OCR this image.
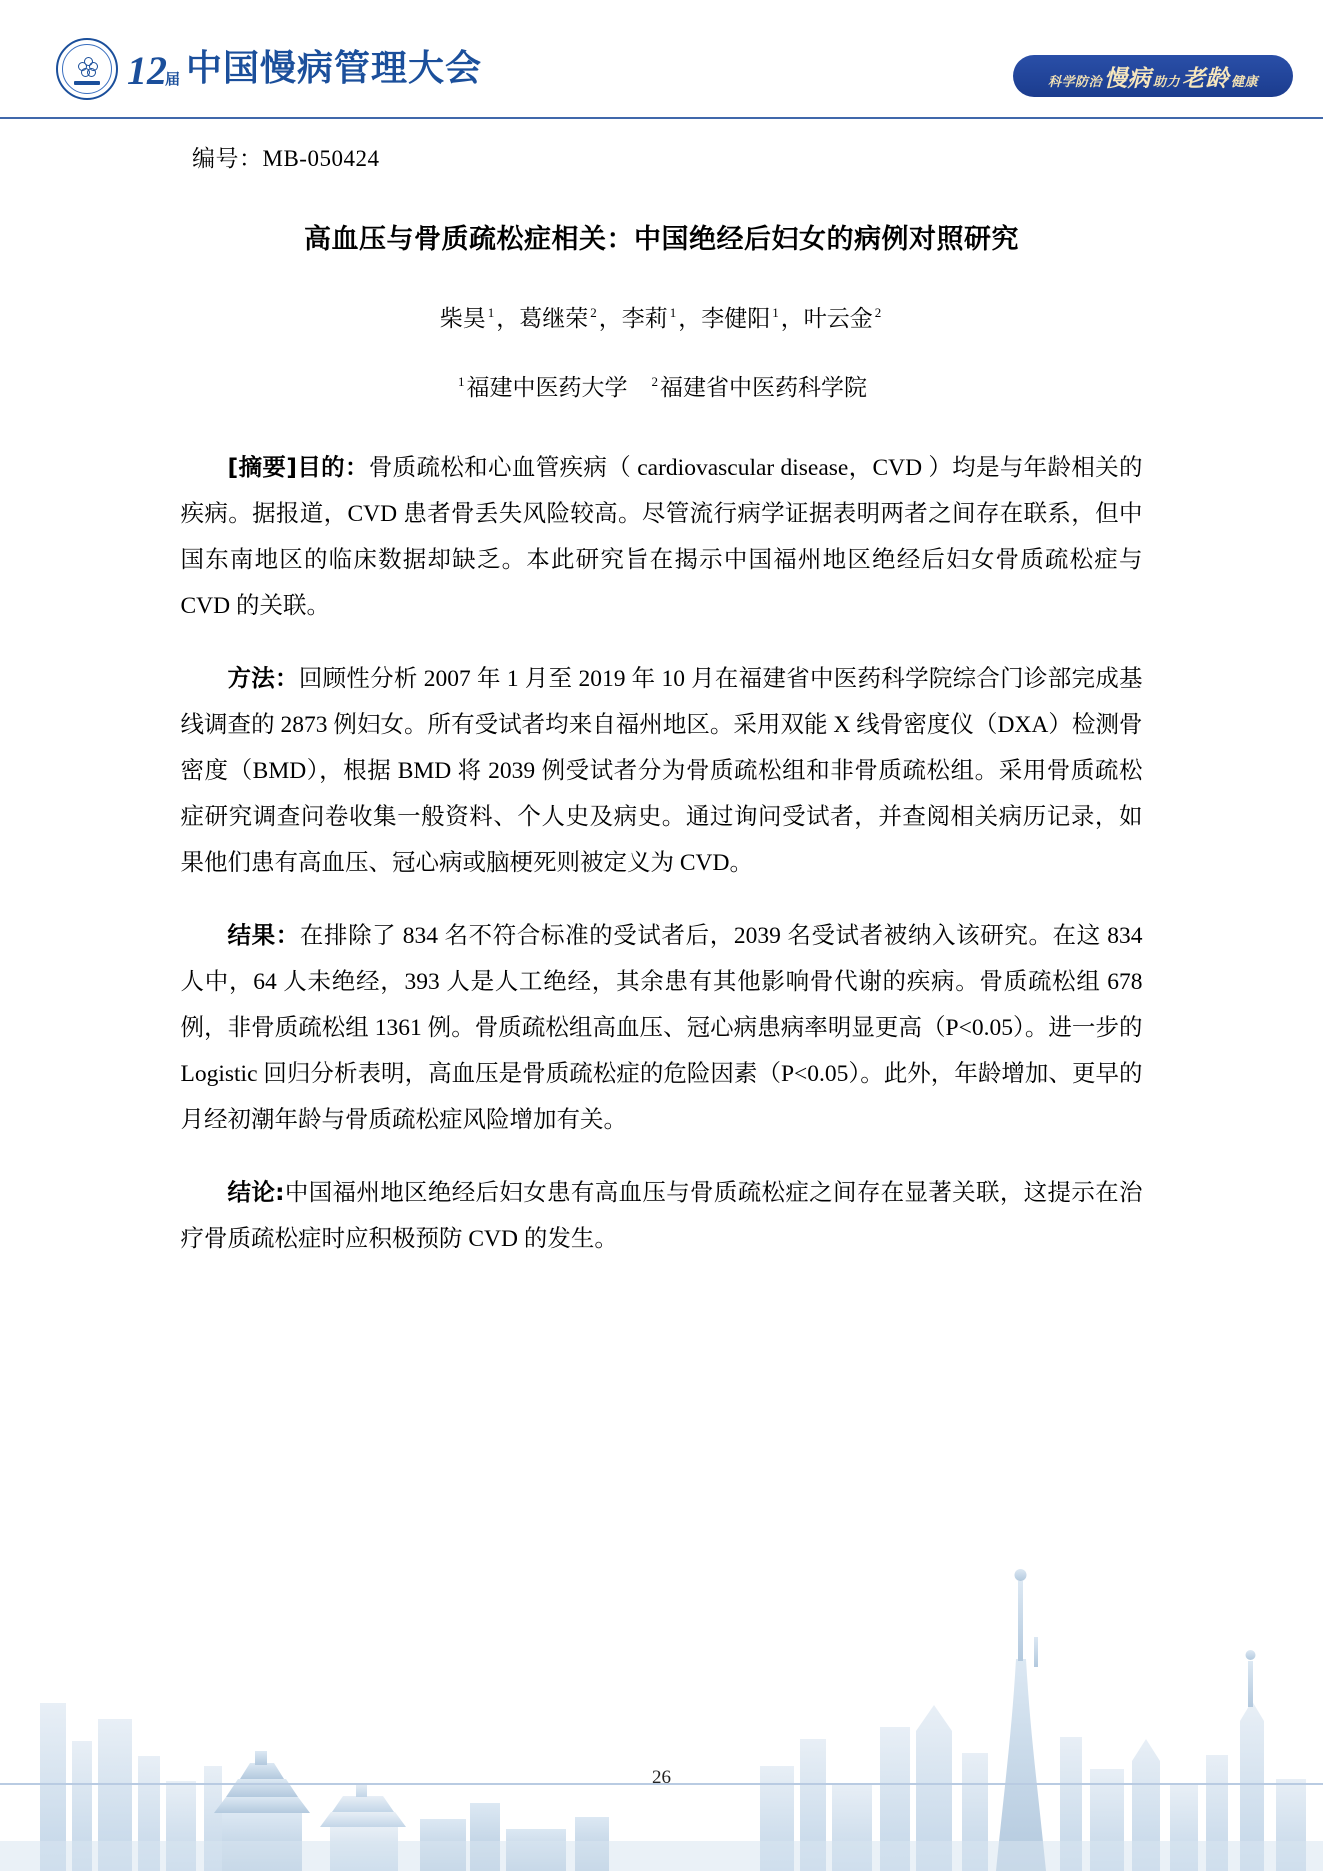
12届 中国慢病管理大会	科学防治 慢病 助力 老龄 健康
编号：MB-050424
高血压与骨质疏松症相关：中国绝经后妇女的病例对照研究
柴昊 $^1$，葛继荣 $^2$，李莉 $^1$，李健阳 $^1$，叶云金 $^2$
$^1$福建中医药大学 $^2$福建省中医药科学院

[摘要]目的：骨质疏松和心血管疾病（ cardiovascular disease，CVD ）均是与年龄相关的疾病。据报道，CVD 患者骨丢失风险较高。尽管流行病学证据表明两者之间存在联系，但中国东南地区的临床数据却缺乏。本此研究旨在揭示中国福州地区绝经后妇女骨质疏松症与 CVD 的关联。

方法：回顾性分析 2007 年 1 月至 2019 年 10 月在福建省中医药科学院综合门诊部完成基线调查的 2873 例妇女。所有受试者均来自福州地区。采用双能 X 线骨密度仪（DXA）检测骨密度（BMD），根据 BMD 将 2039 例受试者分为骨质疏松组和非骨质疏松组。采用骨质疏松症研究调查问卷收集一般资料、个人史及病史。通过询问受试者，并查阅相关病历记录，如果他们患有高血压、冠心病或脑梗死则被定义为 CVD。

结果：在排除了 834 名不符合标准的受试者后，2039 名受试者被纳入该研究。在这 834 人中，64 人未绝经，393 人是人工绝经，其余患有其他影响骨代谢的疾病。骨质疏松组 678 例，非骨质疏松组 1361 例。骨质疏松组高血压、冠心病患病率明显更高（P<0.05）。进一步的 Logistic 回归分析表明，高血压是骨质疏松症的危险因素（P<0.05）。此外，年龄增加、更早的月经初潮年龄与骨质疏松症风险增加有关。

结论:中国福州地区绝经后妇女患有高血压与骨质疏松症之间存在显著关联，这提示在治疗骨质疏松症时应积极预防 CVD 的发生。

26
